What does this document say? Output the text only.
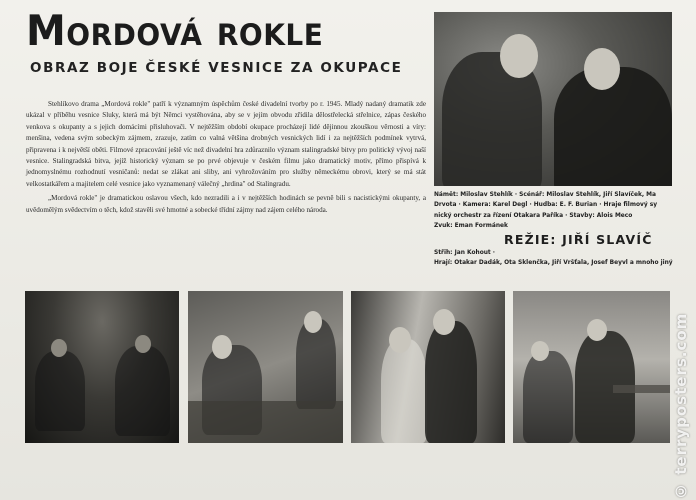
Mordová rokle
OBRAZ BOJE ČESKÉ VESNICE ZA OKUPACE

Stehlíkovo drama „Mordová rokle" patří k významným úspěchům české divadelní tvorby po r. 1945. Mladý nadaný dramatik zde ukázal v příběhu vesnice Sluky, která má být Němci vystěhována, aby se v jejím obvodu zřídila dělostřelecká střelnice, zápas českého venkova s okupanty a s jejich domácími přisluhovači. V nejtěžším období okupace procházejí lidé dějinnou zkouškou věrnosti a víry: menšina, vedena svým sobeckým zájmem, zrazuje, zatím co valná většina drobných vesnických lidí i za nejtěžších podmínek vytrvá, připravena i k největší oběti. Filmové zpracování ještě víc než divadelní hra zdůraznilo význam stalingradské bitvy pro politický vývoj naší vesnice. Stalingradská bitva, jejíž historický význam se po prvé objevuje v českém filmu jako dramatický motiv, přímo přispívá k jednomyslnému rozhodnutí vesničanů: nedat se zlákat ani sliby, ani vyhrožováním pro služby německému obrovi, který se má stát velkostatkářem a majitelem celé vesnice jako vyznamenaný válečný „hrdina" od Stalingradu.

„Mordová rokle" je dramatickou oslavou všech, kdo nezradili a i v nejtěžších hodinách se pevně bili s nacistickými okupanty, a uvědomělým svědectvím o těch, kdož stavěli své hmotné a sobecké třídní zájmy nad zájem celého národa.

Námět: Miloslav Stehlík · Scénář: Miloslav Stehlík, Jiří Slavíček, Ma
Drvota · Kamera: Karel Degl · Hudba: E. F. Burian · Hraje filmový sy
nický orchestr za řízení Otakara Paříka · Stavby: Alois Meco
Zvuk: Eman Formánek
REŽIE: JIŘÍ SLAVÍČ
Střih: Jan Kohout ·
Hrají: Otakar Dadák, Ota Sklenčka, Jiří Vršťala, Josef Beyvl a mnoho jiný
© terryposters.com
